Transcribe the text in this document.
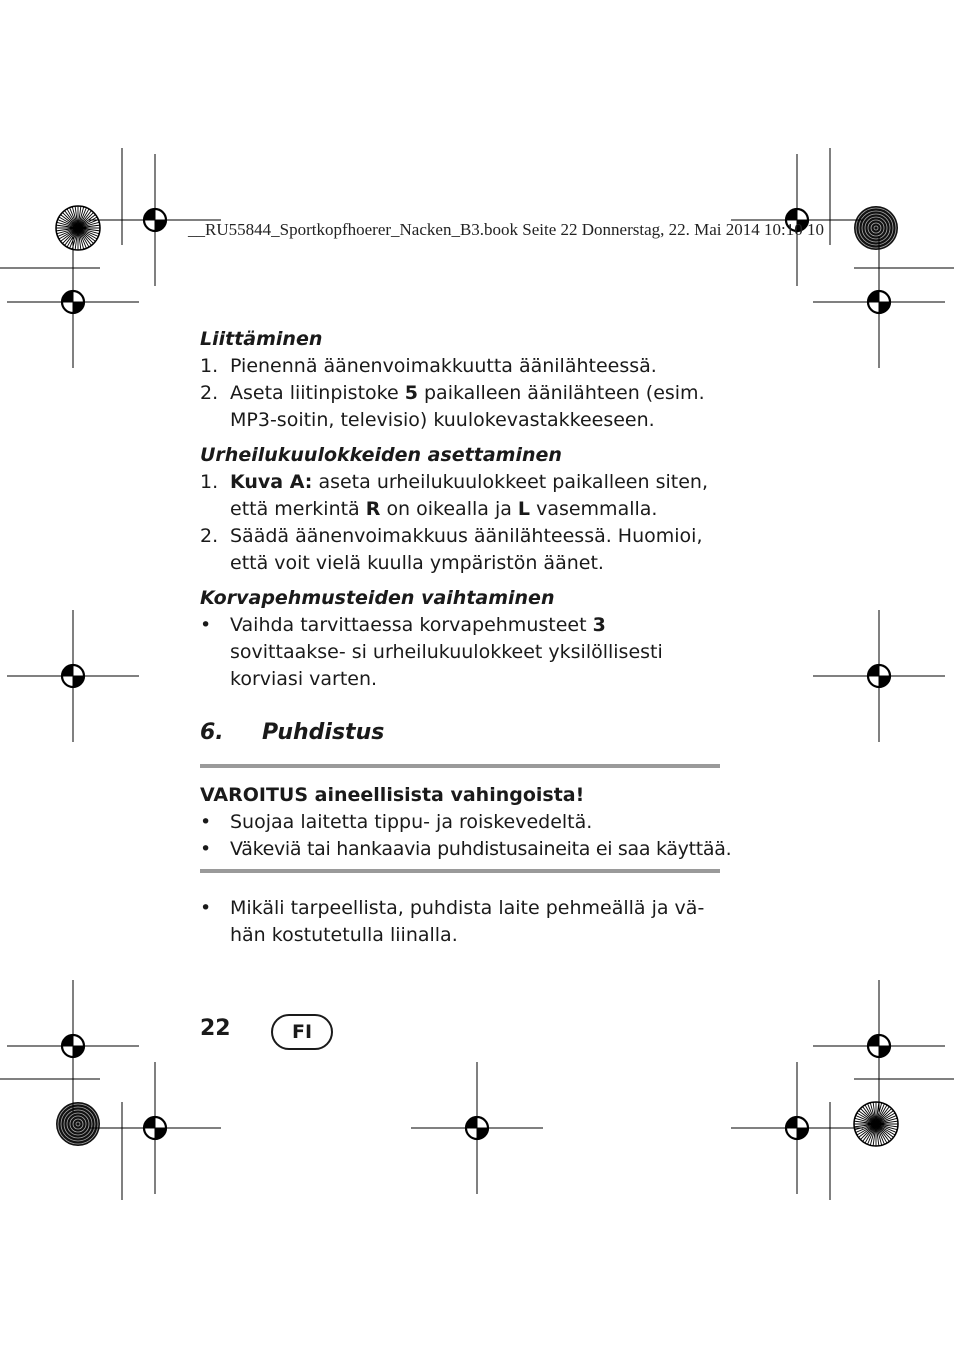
__RU55844_Sportkopfhoerer_Nacken_B3.book Seite 22 Donnerstag, 22. Mai 2014 10:10 10
Liittäminen
1. Pienennä äänenvoimakkuutta äänilähteessä.
2. Aseta liitinpistoke 5 paikalleen äänilähteen (esim. MP3-soitin, televisio) kuulokevastakkeeseen.
Urheilukuulokkeiden asettaminen
1. Kuva A: aseta urheilukuulokkeet paikalleen siten, että merkintä R on oikealla ja L vasemmalla.
2. Säädä äänenvoimakkuus äänilähteessä. Huomioi, että voit vielä kuulla ympäristön äänet.
Korvapehmusteiden vaihtaminen
• Vaihda tarvittaessa korvapehmusteet 3 sovittaakse- si urheilukuulokkeet yksilöllisesti korviasi varten.
6.	Puhdistus
VAROITUS aineellisista vahingoista!
• Suojaa laitetta tippu- ja roiskevedeltä.
• Väkeviä tai hankaavia puhdistusaineita ei saa käyttää.
• Mikäli tarpeellista, puhdista laite pehmeällä ja vä- hän kostutetulla liinalla.
22	FI
